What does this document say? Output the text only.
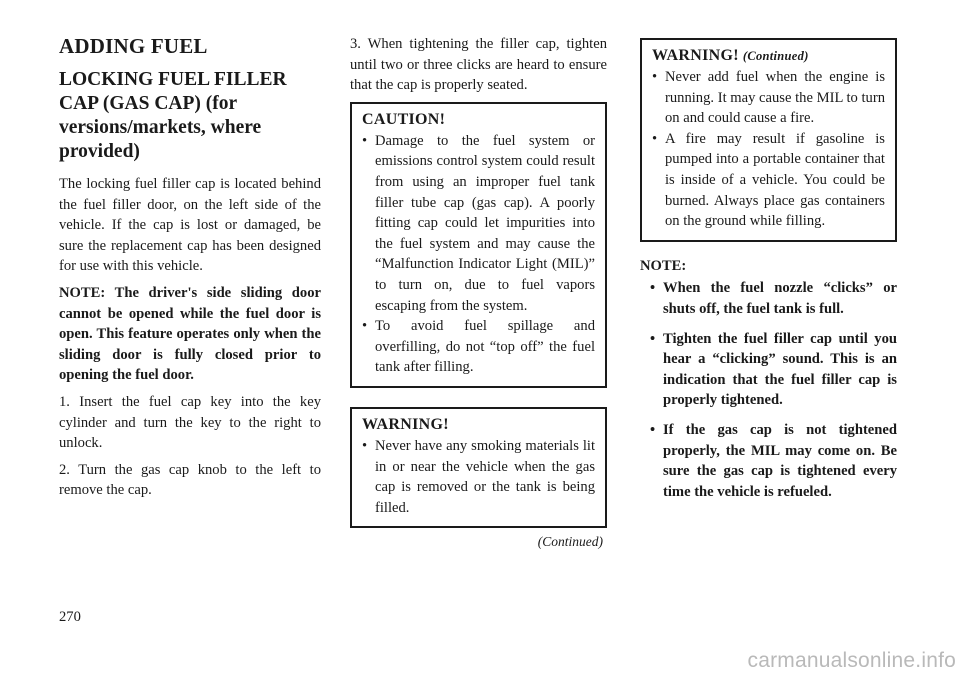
ADDING FUEL
LOCKING FUEL FILLER CAP (GAS CAP) (for versions/markets, where provided)

The locking fuel filler cap is located behind the fuel filler door, on the left side of the vehicle. If the cap is lost or damaged, be sure the replacement cap has been designed for use with this vehicle.

NOTE: The driver's side sliding door cannot be opened while the fuel door is open. This feature operates only when the sliding door is fully closed prior to opening the fuel door.

1. Insert the fuel cap key into the key cylinder and turn the key to the right to unlock.

2. Turn the gas cap knob to the left to remove the cap.

3. When tightening the filler cap, tighten until two or three clicks are heard to ensure that the cap is properly seated.

CAUTION!
• Damage to the fuel system or emissions control system could result from using an improper fuel tank filler tube cap (gas cap). A poorly fitting cap could let impurities into the fuel system and may cause the “Malfunction Indicator Light (MIL)” to turn on, due to fuel vapors escaping from the system.
• To avoid fuel spillage and overfilling, do not “top off” the fuel tank after filling.
WARNING!
• Never have any smoking materials lit in or near the vehicle when the gas cap is removed or the tank is being filled.
(Continued)
WARNING! (Continued)
• Never add fuel when the engine is running. It may cause the MIL to turn on and could cause a fire.
• A fire may result if gasoline is pumped into a portable container that is inside of a vehicle. You could be burned. Always place gas containers on the ground while filling.
NOTE:
• When the fuel nozzle “clicks” or shuts off, the fuel tank is full.
• Tighten the fuel filler cap until you hear a “clicking” sound. This is an indication that the fuel filler cap is properly tightened.
• If the gas cap is not tightened properly, the MIL may come on. Be sure the gas cap is tightened every time the vehicle is refueled.
270
carmanualsonline.info
